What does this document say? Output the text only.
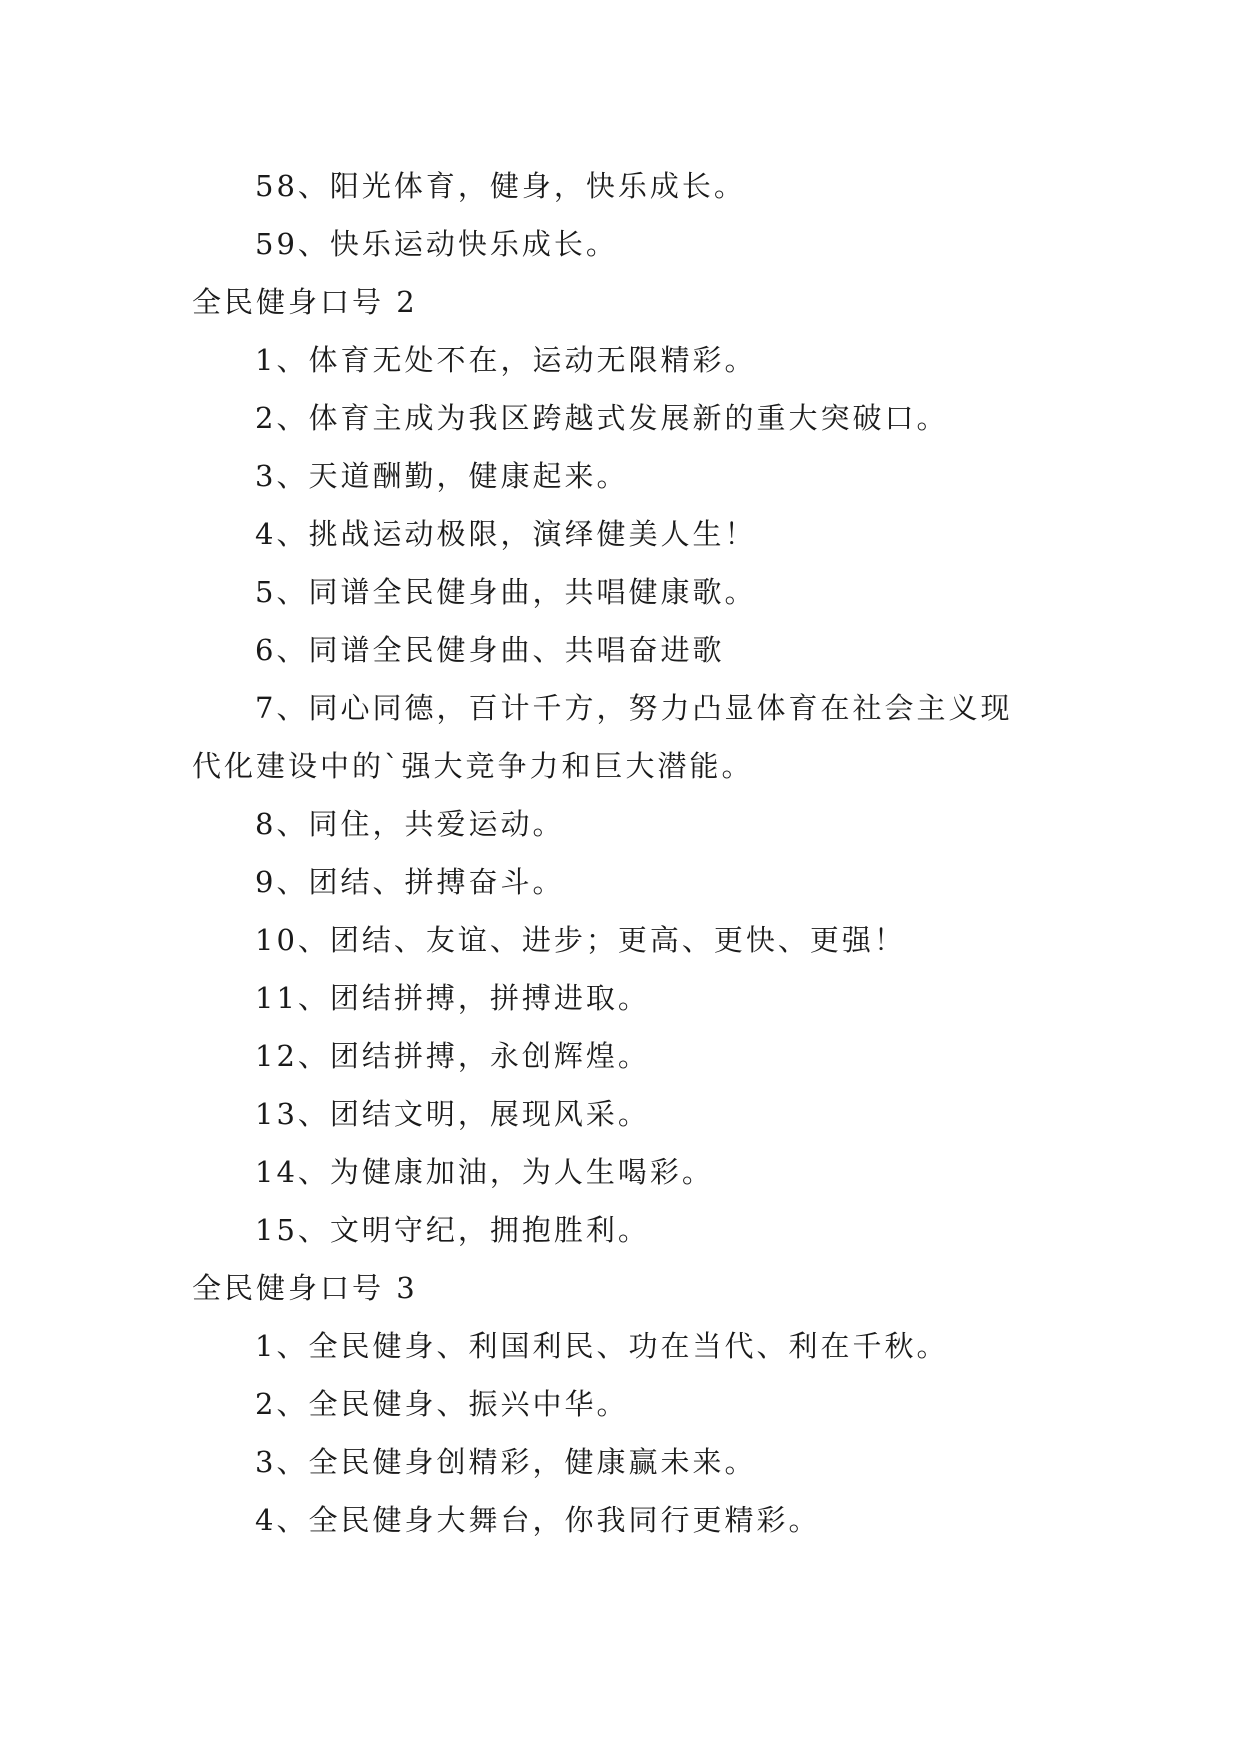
58、阳光体育，健身，快乐成长。
59、快乐运动快乐成长。
全民健身口号 2
1、体育无处不在，运动无限精彩。
2、体育主成为我区跨越式发展新的重大突破口。
3、天道酬勤，健康起来。
4、挑战运动极限，演绎健美人生！
5、同谱全民健身曲，共唱健康歌。
6、同谱全民健身曲、共唱奋进歌
7、同心同德，百计千方，努力凸显体育在社会主义现
代化建设中的`强大竞争力和巨大潜能。
8、同住，共爱运动。
9、团结、拼搏奋斗。
10、团结、友谊、进步；更高、更快、更强！
11、团结拼搏，拼搏进取。
12、团结拼搏，永创辉煌。
13、团结文明，展现风采。
14、为健康加油，为人生喝彩。
15、文明守纪，拥抱胜利。
全民健身口号 3
1、全民健身、利国利民、功在当代、利在千秋。
2、全民健身、振兴中华。
3、全民健身创精彩，健康赢未来。
4、全民健身大舞台，你我同行更精彩。
